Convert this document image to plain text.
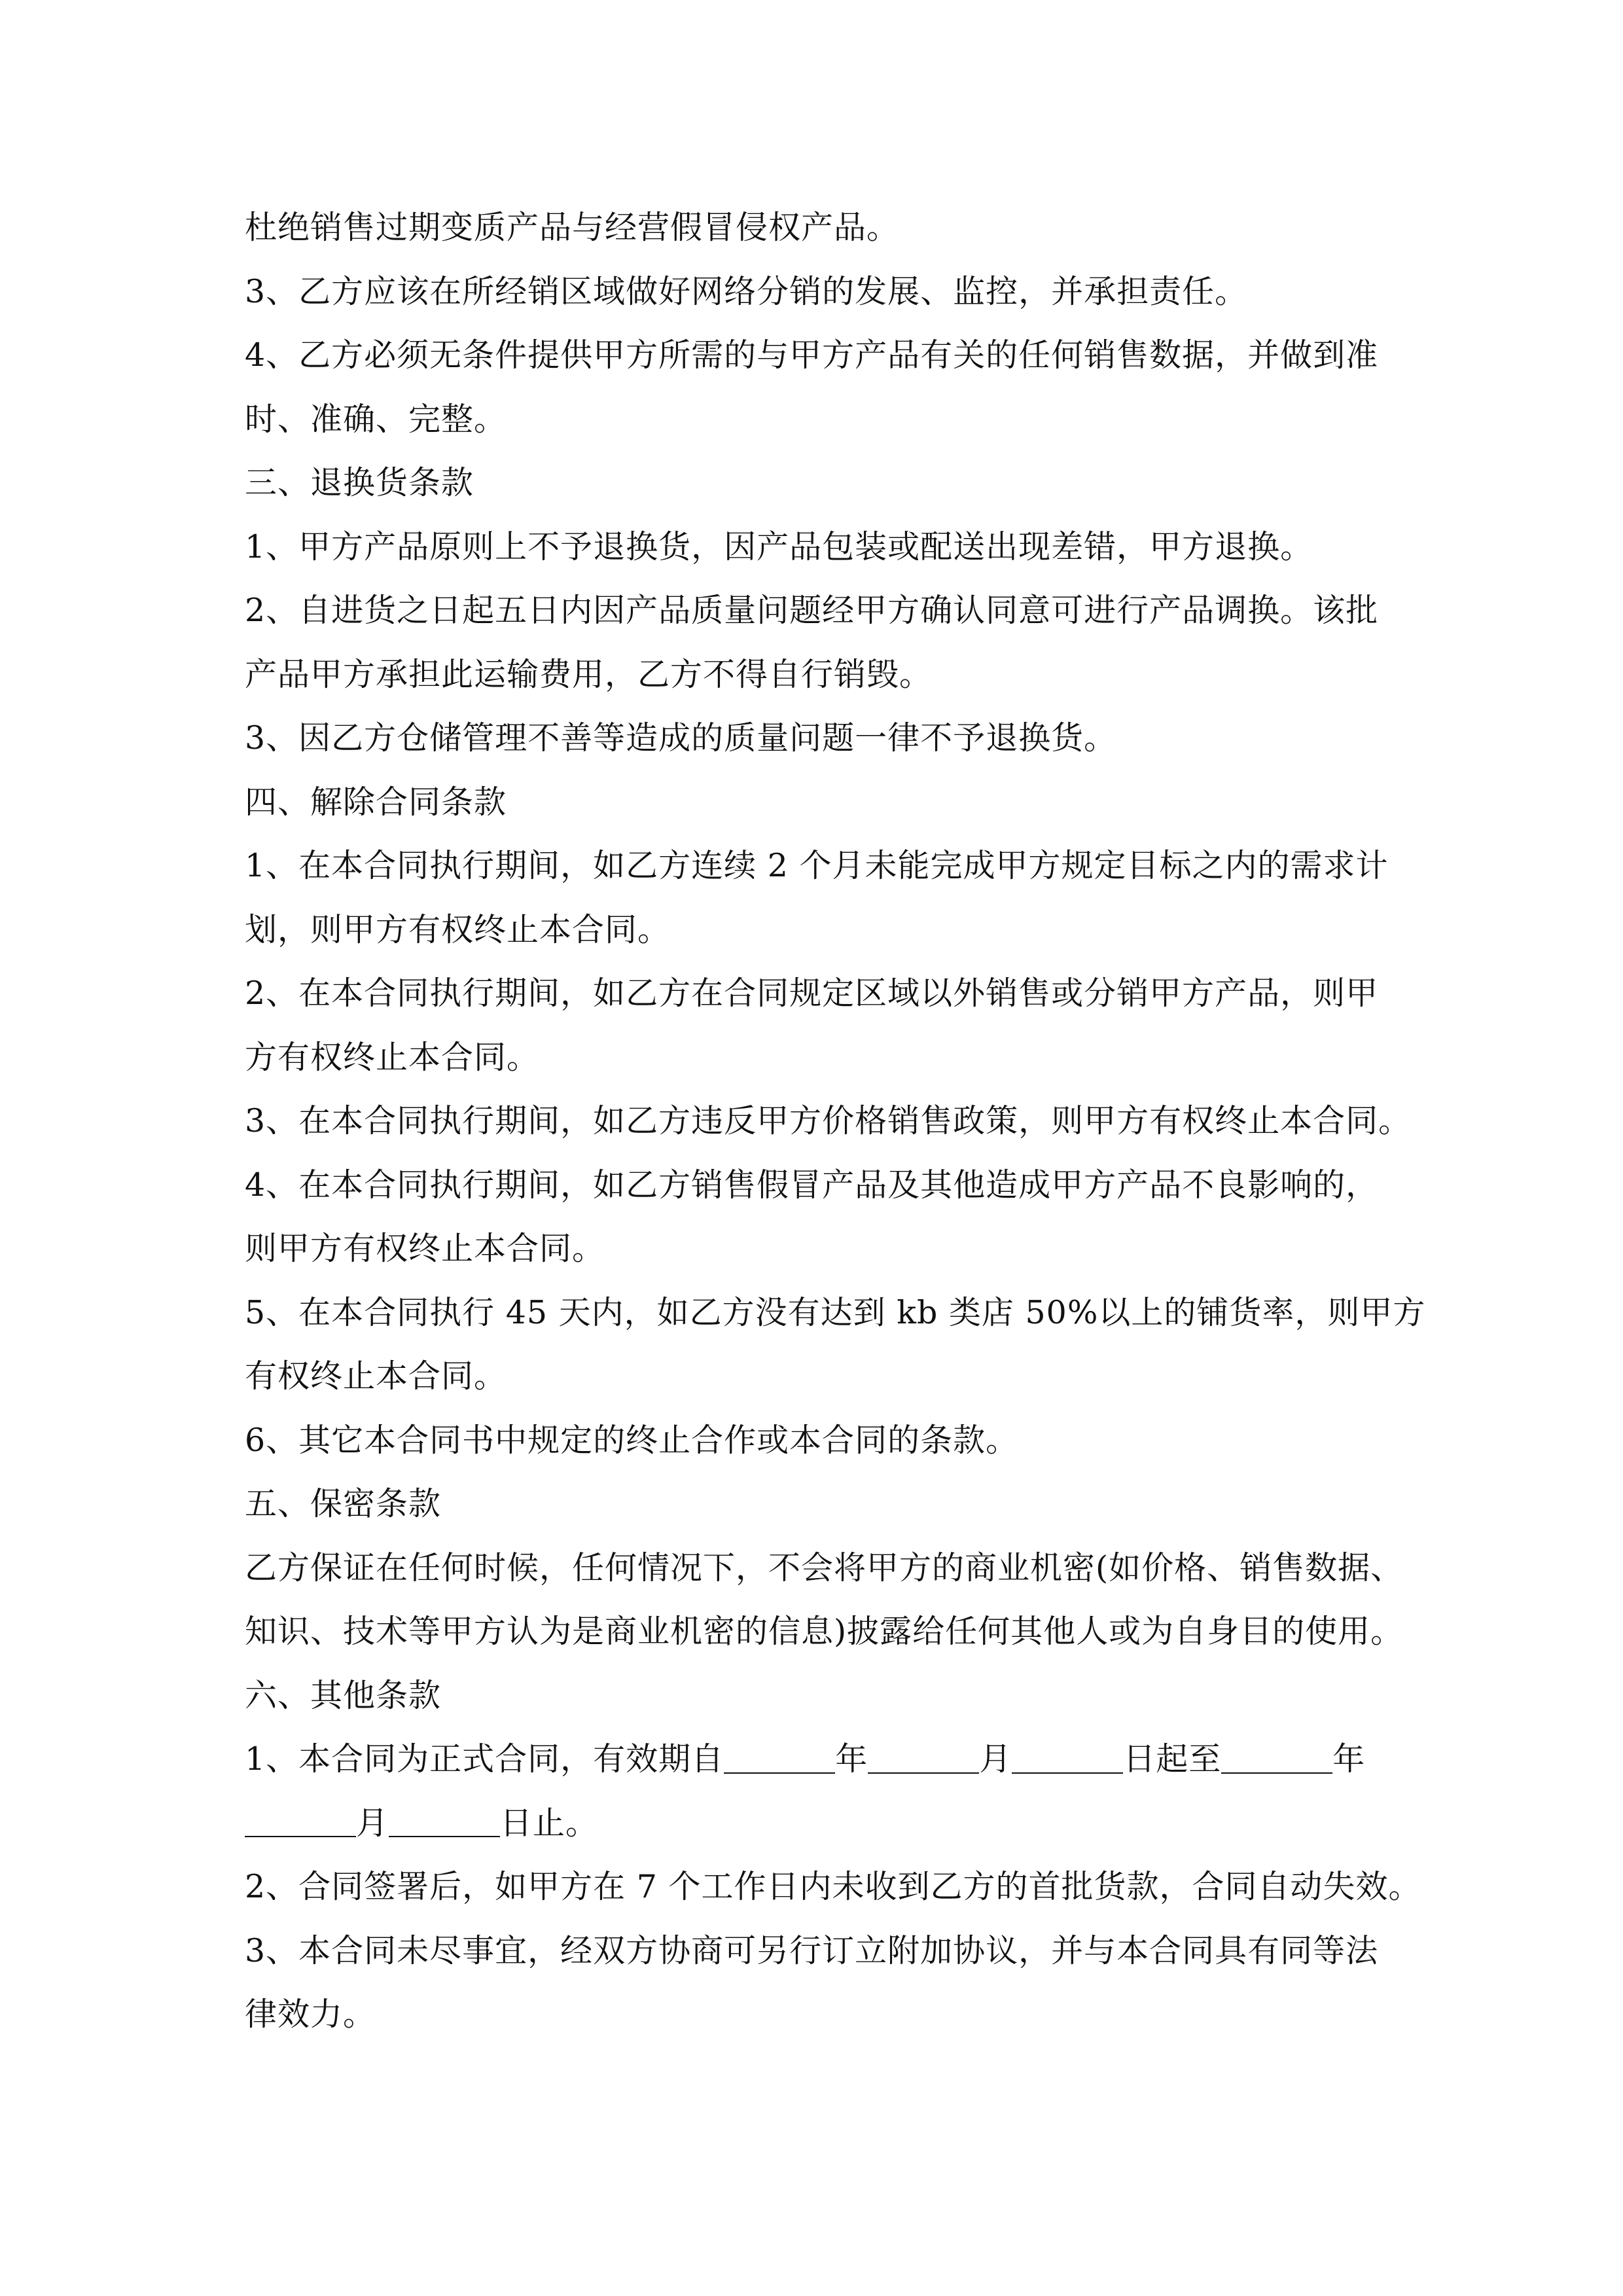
杜绝销售过期变质产品与经营假冒侵权产品。
3、乙方应该在所经销区域做好网络分销的发展、监控，并承担责任。
4、乙方必须无条件提供甲方所需的与甲方产品有关的任何销售数据，并做到准
时、准确、完整。
三、退换货条款
1、甲方产品原则上不予退换货，因产品包装或配送出现差错，甲方退换。
2、自进货之日起五日内因产品质量问题经甲方确认同意可进行产品调换。该批
产品甲方承担此运输费用，乙方不得自行销毁。
3、因乙方仓储管理不善等造成的质量问题一律不予退换货。
四、解除合同条款
1、在本合同执行期间，如乙方连续 2 个月未能完成甲方规定目标之内的需求计
划，则甲方有权终止本合同。
2、在本合同执行期间，如乙方在合同规定区域以外销售或分销甲方产品，则甲
方有权终止本合同。
3、在本合同执行期间，如乙方违反甲方价格销售政策，则甲方有权终止本合同。
4、在本合同执行期间，如乙方销售假冒产品及其他造成甲方产品不良影响的，
则甲方有权终止本合同。
5、在本合同执行 45 天内，如乙方没有达到 kb 类店 50%以上的铺货率，则甲方
有权终止本合同。
6、其它本合同书中规定的终止合作或本合同的条款。
五、保密条款
乙方保证在任何时候，任何情况下，不会将甲方的商业机密(如价格、销售数据、
知识、技术等甲方认为是商业机密的信息)披露给任何其他人或为自身目的使用。
六、其他条款
1、本合同为正式合同，有效期自	年	月	日起至	年
月	日止。
2、合同签署后，如甲方在 7 个工作日内未收到乙方的首批货款，合同自动失效。
3、本合同未尽事宜，经双方协商可另行订立附加协议，并与本合同具有同等法
律效力。
